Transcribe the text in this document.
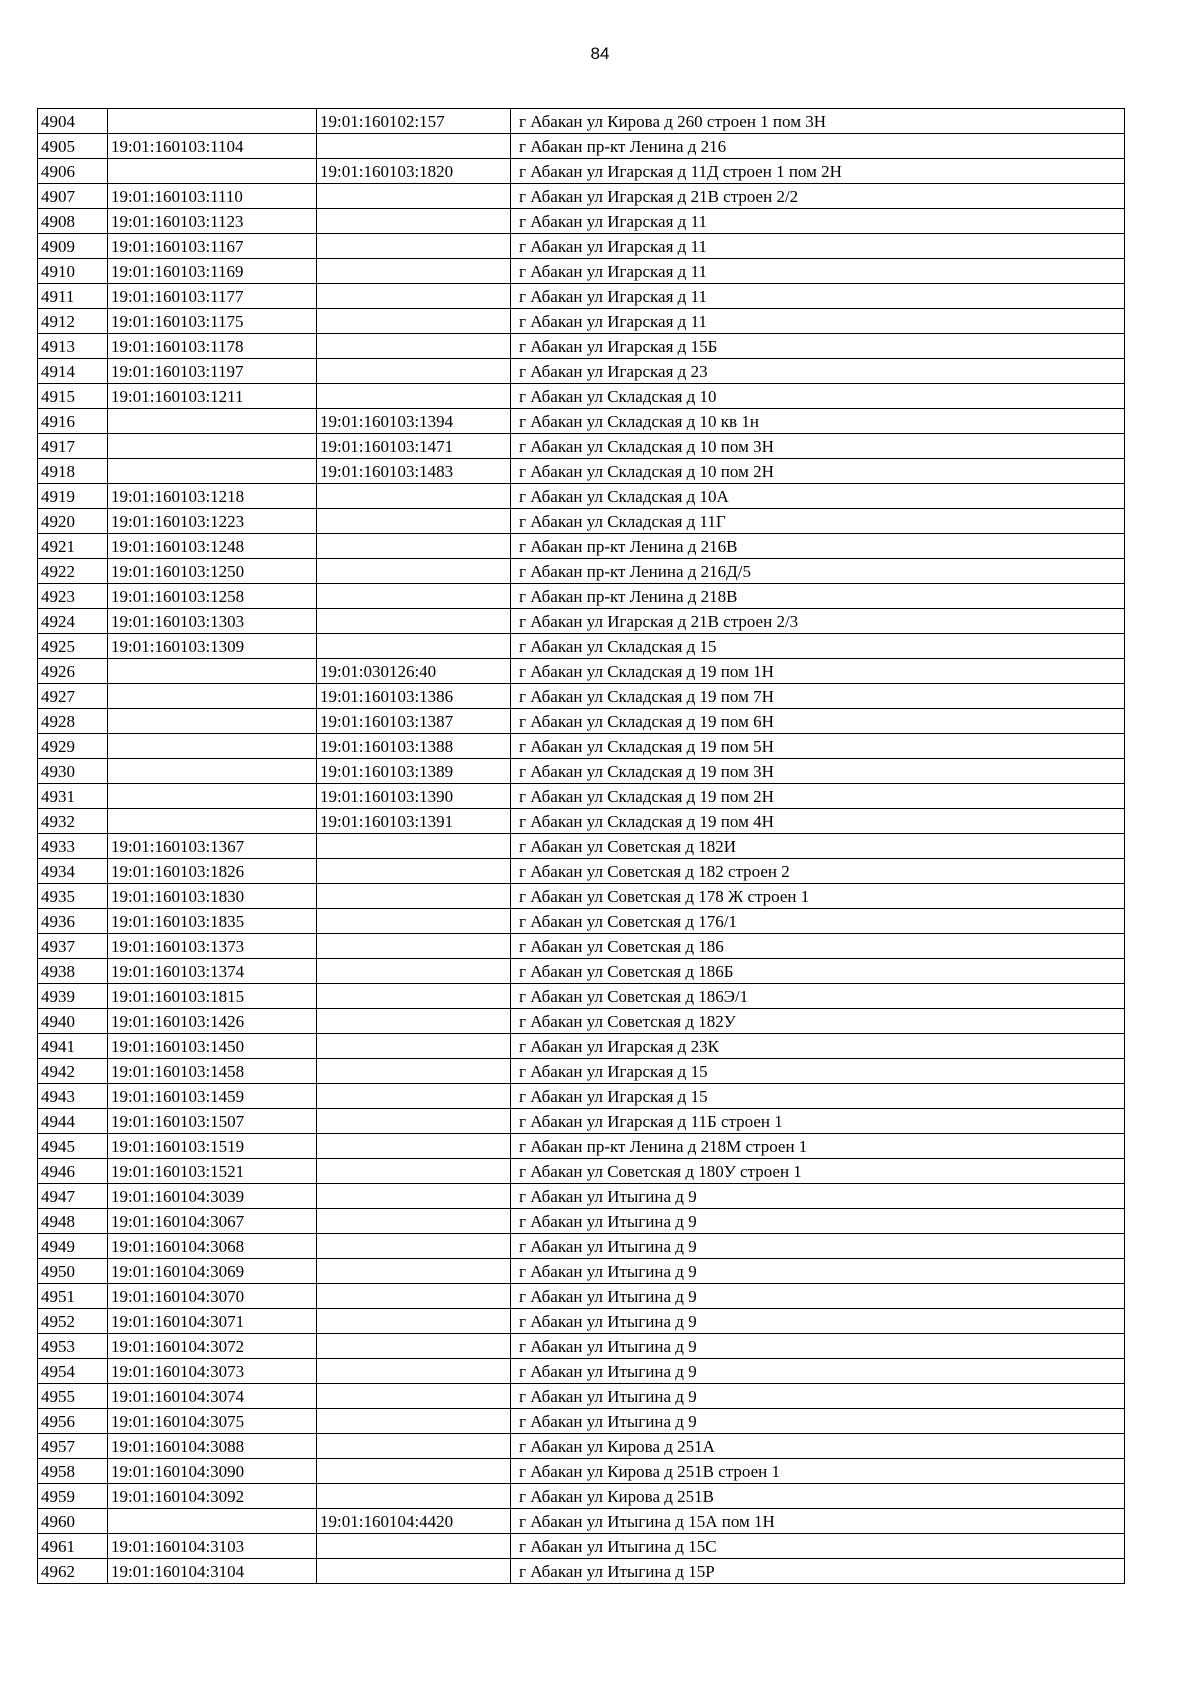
84
4904		19:01:160102:157	г Абакан ул Кирова д 260 строен 1 пом 3Н
4905	19:01:160103:1104		г Абакан пр-кт Ленина д 216
4906		19:01:160103:1820	г Абакан ул Игарская д 11Д строен 1 пом 2Н
4907	19:01:160103:1110		г Абакан ул Игарская д 21В строен 2/2
4908	19:01:160103:1123		г Абакан ул Игарская д 11
4909	19:01:160103:1167		г Абакан ул Игарская д 11
4910	19:01:160103:1169		г Абакан ул Игарская д 11
4911	19:01:160103:1177		г Абакан ул Игарская д 11
4912	19:01:160103:1175		г Абакан ул Игарская д 11
4913	19:01:160103:1178		г Абакан ул Игарская д 15Б
4914	19:01:160103:1197		г Абакан ул Игарская д 23
4915	19:01:160103:1211		г Абакан ул Складская д 10
4916		19:01:160103:1394	г Абакан ул Складская д 10 кв 1н
4917		19:01:160103:1471	г Абакан ул Складская д 10 пом 3Н
4918		19:01:160103:1483	г Абакан ул Складская д 10 пом 2Н
4919	19:01:160103:1218		г Абакан ул Складская д 10А
4920	19:01:160103:1223		г Абакан ул Складская д 11Г
4921	19:01:160103:1248		г Абакан пр-кт Ленина д 216В
4922	19:01:160103:1250		г Абакан пр-кт Ленина д 216Д/5
4923	19:01:160103:1258		г Абакан пр-кт Ленина д 218В
4924	19:01:160103:1303		г Абакан ул Игарская д 21В строен 2/3
4925	19:01:160103:1309		г Абакан ул Складская д 15
4926		19:01:030126:40	г Абакан ул Складская д 19 пом 1Н
4927		19:01:160103:1386	г Абакан ул Складская д 19 пом 7Н
4928		19:01:160103:1387	г Абакан ул Складская д 19 пом 6Н
4929		19:01:160103:1388	г Абакан ул Складская д 19 пом 5Н
4930		19:01:160103:1389	г Абакан ул Складская д 19 пом 3Н
4931		19:01:160103:1390	г Абакан ул Складская д 19 пом 2Н
4932		19:01:160103:1391	г Абакан ул Складская д 19 пом 4Н
4933	19:01:160103:1367		г Абакан ул Советская д 182И
4934	19:01:160103:1826		г Абакан ул Советская д 182 строен 2
4935	19:01:160103:1830		г Абакан ул Советская д 178 Ж строен 1
4936	19:01:160103:1835		г Абакан ул Советская д 176/1
4937	19:01:160103:1373		г Абакан ул Советская д 186
4938	19:01:160103:1374		г Абакан ул Советская д 186Б
4939	19:01:160103:1815		г Абакан ул Советская д 186Э/1
4940	19:01:160103:1426		г Абакан ул Советская д 182У
4941	19:01:160103:1450		г Абакан ул Игарская д 23К
4942	19:01:160103:1458		г Абакан ул Игарская д 15
4943	19:01:160103:1459		г Абакан ул Игарская д 15
4944	19:01:160103:1507		г Абакан ул Игарская д 11Б строен 1
4945	19:01:160103:1519		г Абакан пр-кт Ленина д 218М строен 1
4946	19:01:160103:1521		г Абакан ул Советская д 180У строен 1
4947	19:01:160104:3039		г Абакан ул Итыгина д 9
4948	19:01:160104:3067		г Абакан ул Итыгина д 9
4949	19:01:160104:3068		г Абакан ул Итыгина д 9
4950	19:01:160104:3069		г Абакан ул Итыгина д 9
4951	19:01:160104:3070		г Абакан ул Итыгина д 9
4952	19:01:160104:3071		г Абакан ул Итыгина д 9
4953	19:01:160104:3072		г Абакан ул Итыгина д 9
4954	19:01:160104:3073		г Абакан ул Итыгина д 9
4955	19:01:160104:3074		г Абакан ул Итыгина д 9
4956	19:01:160104:3075		г Абакан ул Итыгина д 9
4957	19:01:160104:3088		г Абакан ул Кирова д 251А
4958	19:01:160104:3090		г Абакан ул Кирова д 251В строен 1
4959	19:01:160104:3092		г Абакан ул Кирова д 251В
4960		19:01:160104:4420	г Абакан ул Итыгина д 15А пом 1Н
4961	19:01:160104:3103		г Абакан ул Итыгина д 15С
4962	19:01:160104:3104		г Абакан ул Итыгина д 15Р
